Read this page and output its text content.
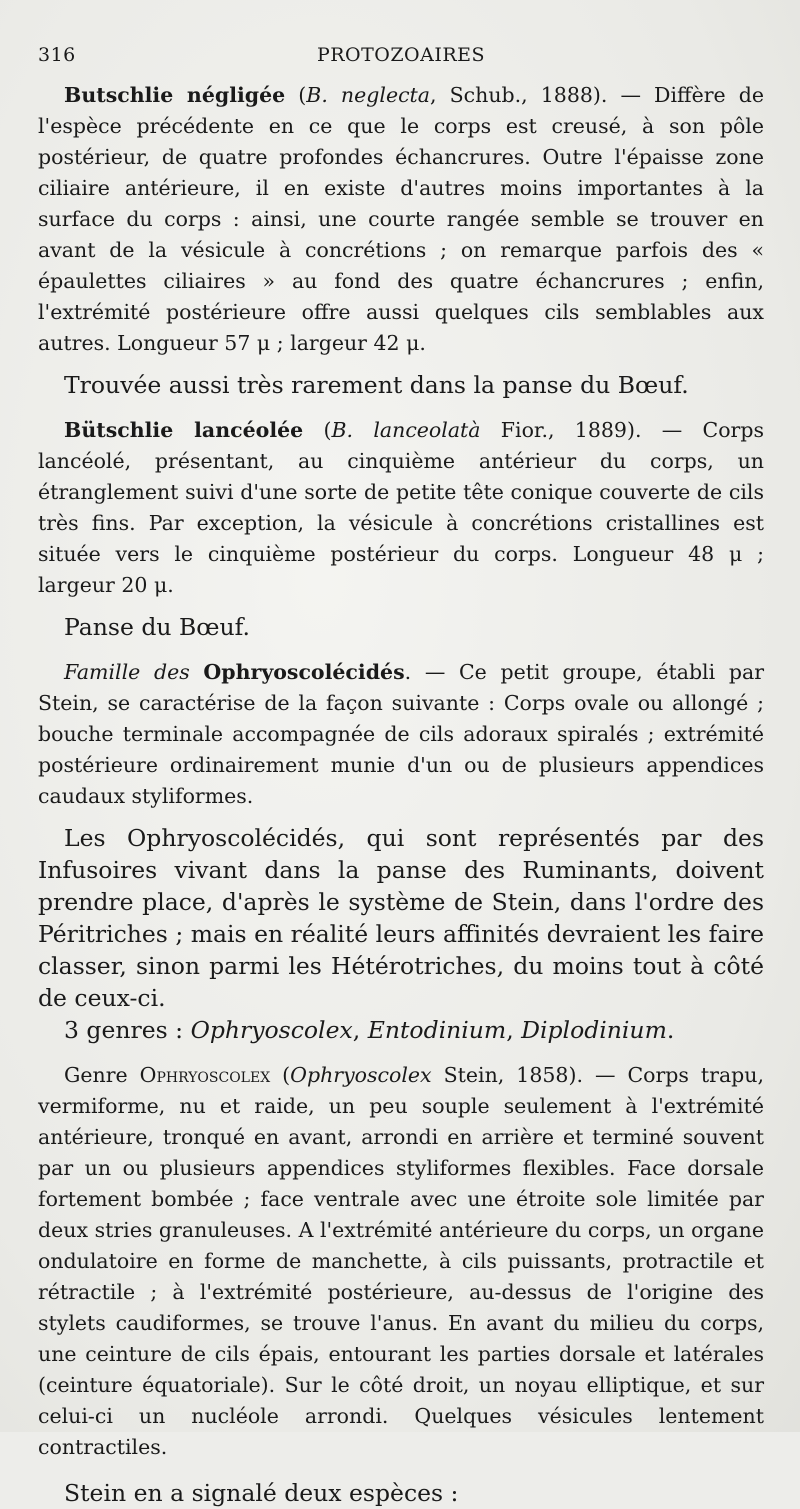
316	PROTOZOAIRES

Butschlie négligée (B. neglecta, Schub., 1888). — Diffère de l'espèce précédente en ce que le corps est creusé, à son pôle postérieur, de quatre profondes échancrures. Outre l'épaisse zone ciliaire antérieure, il en existe d'autres moins importantes à la surface du corps : ainsi, une courte rangée semble se trouver en avant de la vésicule à concrétions ; on remarque parfois des « épaulettes ciliaires » au fond des quatre échancrures ; enfin, l'extrémité postérieure offre aussi quelques cils semblables aux autres. Longueur 57 μ ; largeur 42 μ.

Trouvée aussi très rarement dans la panse du Bœuf.

Bütschlie lancéolée (B. lanceolatà Fior., 1889). — Corps lancéolé, présentant, au cinquième antérieur du corps, un étranglement suivi d'une sorte de petite tête conique couverte de cils très fins. Par exception, la vésicule à concrétions cristallines est située vers le cinquième postérieur du corps. Longueur 48 μ ; largeur 20 μ.

Panse du Bœuf.

Famille des Ophryoscolécidés. — Ce petit groupe, établi par Stein, se caractérise de la façon suivante : Corps ovale ou allongé ; bouche terminale accompagnée de cils adoraux spiralés ; extrémité postérieure ordinairement munie d'un ou de plusieurs appendices caudaux styliformes.

Les Ophryoscolécidés, qui sont représentés par des Infusoires vivant dans la panse des Ruminants, doivent prendre place, d'après le système de Stein, dans l'ordre des Péritriches ; mais en réalité leurs affinités devraient les faire classer, sinon parmi les Hétérotriches, du moins tout à côté de ceux-ci.

3 genres : Ophryoscolex, Entodinium, Diplodinium.

Genre Ophryoscolex (Ophryoscolex Stein, 1858). — Corps trapu, vermiforme, nu et raide, un peu souple seulement à l'extrémité antérieure, tronqué en avant, arrondi en arrière et terminé souvent par un ou plusieurs appendices styliformes flexibles. Face dorsale fortement bombée ; face ventrale avec une étroite sole limitée par deux stries granuleuses. A l'extrémité antérieure du corps, un organe ondulatoire en forme de manchette, à cils puissants, protractile et rétractile ; à l'extrémité postérieure, au-dessus de l'origine des stylets caudiformes, se trouve l'anus. En avant du milieu du corps, une ceinture de cils épais, entourant les parties dorsale et latérales (ceinture équatoriale). Sur le côté droit, un noyau elliptique, et sur celui-ci un nucléole arrondi. Quelques vésicules lentement contractiles.

Stein en a signalé deux espèces :
